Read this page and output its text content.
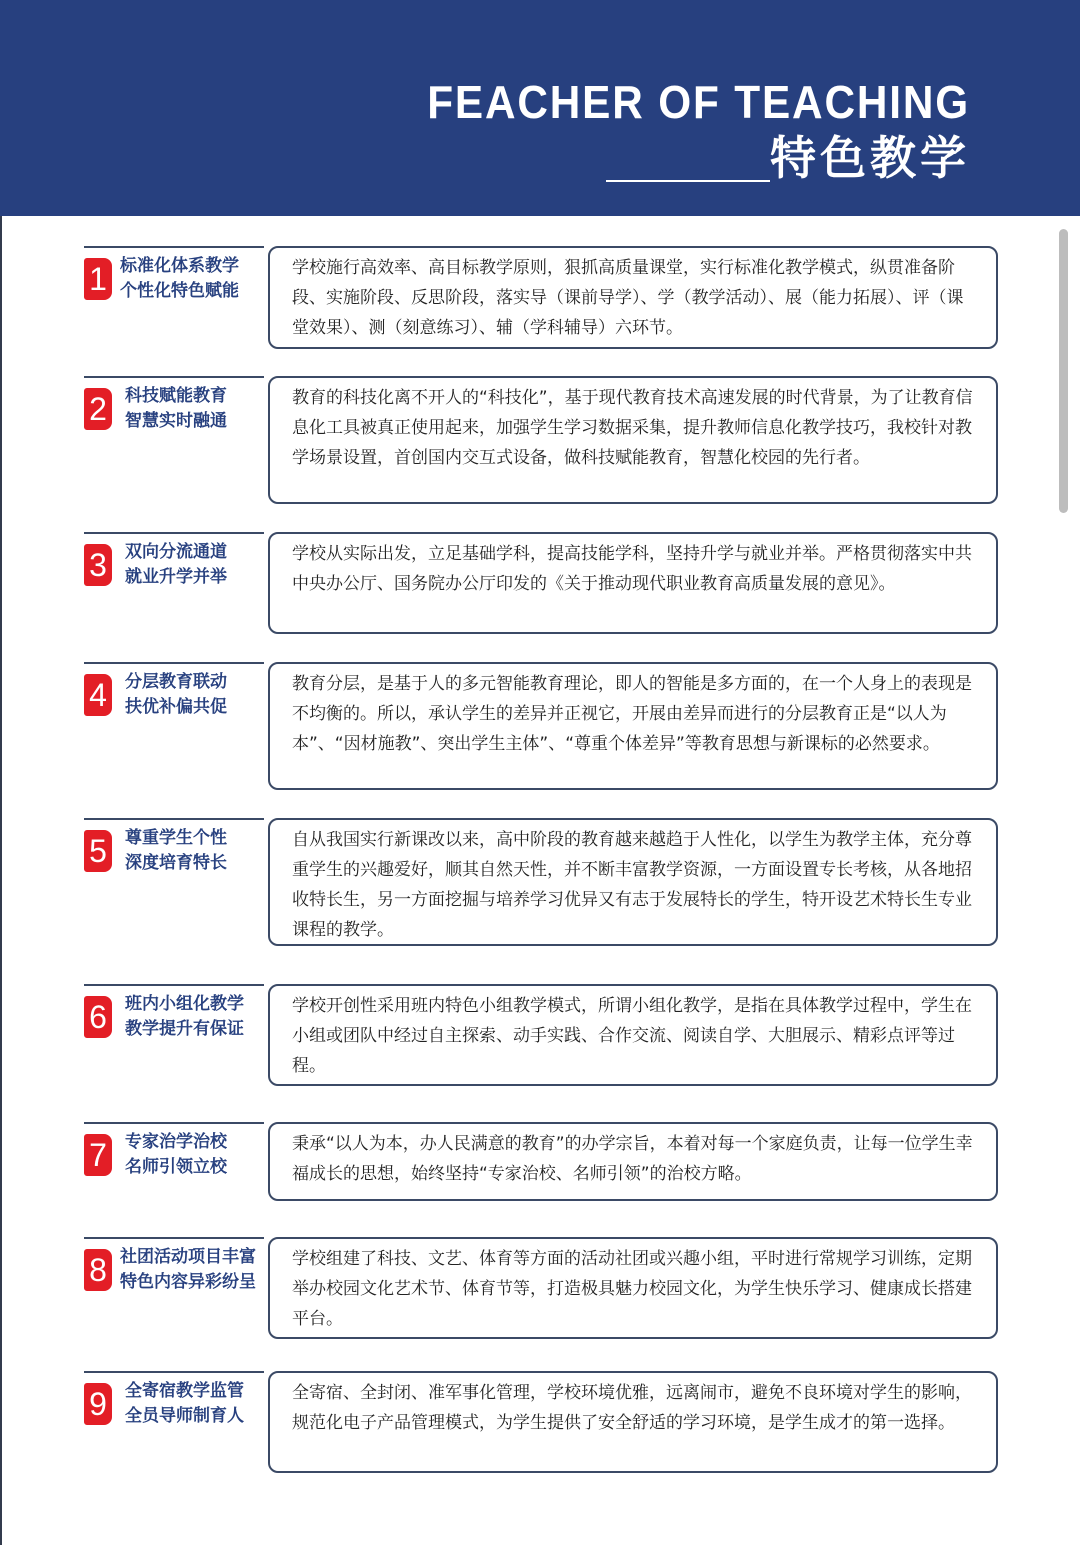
FEACHER OF TEACHING
特色教学
1 标准化体系教学
个性化特色赋能
学校施行高效率、高目标教学原则，狠抓高质量课堂，实行标准化教学模式，纵贯准备阶段、实施阶段、反思阶段，落实导（课前导学）、学（教学活动）、展（能力拓展）、评（课堂效果）、测（刻意练习）、辅（学科辅导）六环节。
2	科技赋能教育
智慧实时融通
教育的科技化离不开人的“科技化”，基于现代教育技术高速发展的时代背景，为了让教育信息化工具被真正使用起来，加强学生学习数据采集，提升教师信息化教学技巧，我校针对教学场景设置，首创国内交互式设备，做科技赋能教育，智慧化校园的先行者。
3	双向分流通道
就业升学并举
学校从实际出发，立足基础学科，提高技能学科，坚持升学与就业并举。严格贯彻落实中共中央办公厅、国务院办公厅印发的《关于推动现代职业教育高质量发展的意见》。
4	分层教育联动
扶优补偏共促
教育分层，是基于人的多元智能教育理论，即人的智能是多方面的，在一个人身上的表现是不均衡的。所以，承认学生的差异并正视它，开展由差异而进行的分层教育正是“以人为本”、“因材施教”、突出学生主体”、“尊重个体差异”等教育思想与新课标的必然要求。
5	尊重学生个性
深度培育特长
自从我国实行新课改以来，高中阶段的教育越来越趋于人性化，以学生为教学主体，充分尊重学生的兴趣爱好，顺其自然天性，并不断丰富教学资源，一方面设置专长考核，从各地招收特长生，另一方面挖掘与培养学习优异又有志于发展特长的学生，特开设艺术特长生专业课程的教学。
6	班内小组化教学
教学提升有保证
学校开创性采用班内特色小组教学模式，所谓小组化教学，是指在具体教学过程中，学生在小组或团队中经过自主探索、动手实践、合作交流、阅读自学、大胆展示、精彩点评等过程。
7	专家治学治校
名师引领立校
秉承“以人为本，办人民满意的教育”的办学宗旨，本着对每一个家庭负责，让每一位学生幸福成长的思想，始终坚持“专家治校、名师引领”的治校方略。
8 社团活动项目丰富
特色内容异彩纷呈
学校组建了科技、文艺、体育等方面的活动社团或兴趣小组，平时进行常规学习训练，定期举办校园文化艺术节、体育节等，打造极具魅力校园文化，为学生快乐学习、健康成长搭建平台。
9	全寄宿教学监管
全员导师制育人
全寄宿、全封闭、准军事化管理，学校环境优雅，远离闹市，避免不良环境对学生的影响，规范化电子产品管理模式，为学生提供了安全舒适的学习环境，是学生成才的第一选择。
